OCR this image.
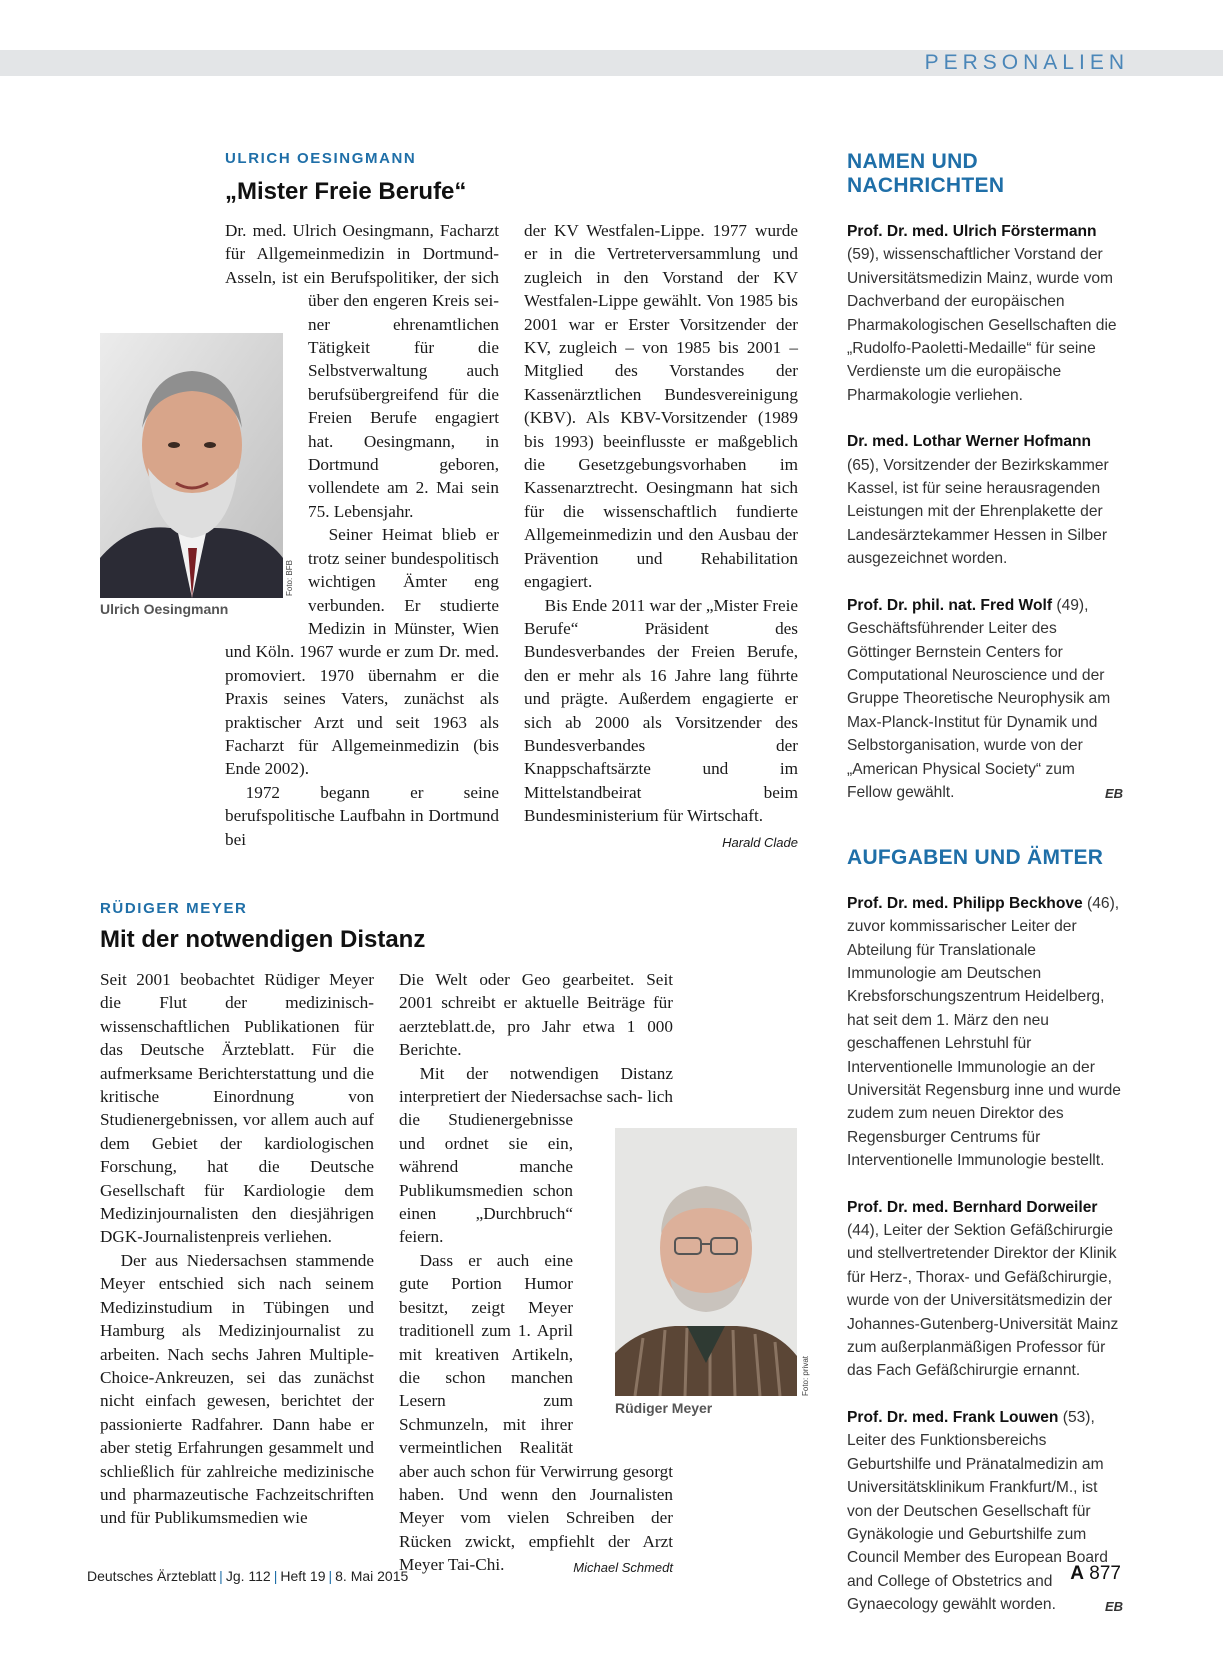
PERSONALIEN
ULRICH OESINGMANN
„Mister Freie Berufe“
Foto: BFB
Ulrich Oesingmann

Dr. med. Ulrich Oesingmann, Facharzt für Allgemeinmedizin in Dortmund-Asseln, ist ein Berufspolitiker, der sich über den engeren Kreis sei-
ner ehrenamtlichen Tätigkeit für die Selbstverwaltung auch berufsübergreifend für die Freien Berufe engagiert hat. Oesingmann, in Dortmund geboren, vollendete am 2. Mai sein 75. Lebensjahr.

Seiner Heimat blieb er trotz seiner bundespolitisch wichtigen Ämter eng verbunden. Er studierte Medizin in Münster, Wien und Köln. 1967 wurde er zum Dr. med. promoviert. 1970 übernahm er die Praxis seines Vaters, zunächst als praktischer Arzt und seit 1963 als Facharzt für Allgemeinmedizin (bis Ende 2002).

1972 begann er seine berufspolitische Laufbahn in Dortmund bei

der KV Westfalen-Lippe. 1977 wurde er in die Vertreterversammlung und zugleich in den Vorstand der KV Westfalen-Lippe gewählt. Von 1985 bis 2001 war er Erster Vorsitzender der KV, zugleich – von 1985 bis 2001 – Mitglied des Vorstandes der Kassenärztlichen Bundesvereinigung (KBV). Als KBV-Vorsitzender (1989 bis 1993) beeinflusste er maßgeblich die Gesetzgebungsvorhaben im Kassenarztrecht. Oesingmann hat sich für die wissenschaftlich fundierte Allgemeinmedizin und den Ausbau der Prävention und Rehabilitation engagiert.

Bis Ende 2011 war der „Mister Freie Berufe“ Präsident des Bundesverbandes der Freien Berufe, den er mehr als 16 Jahre lang führte und prägte. Außerdem engagierte er sich ab 2000 als Vorsitzender des Bundesverbandes der Knappschaftsärzte und im Mittelstandbeirat beim Bundesministerium für Wirtschaft.
Harald Clade

RÜDIGER MEYER
Mit der notwendigen Distanz

Seit 2001 beobachtet Rüdiger Meyer die Flut der medizinisch-wissenschaftlichen Publikationen für das Deutsche Ärzteblatt. Für die aufmerksame Berichterstattung und die kritische Einordnung von Studienergebnissen, vor allem auch auf dem Gebiet der kardiologischen Forschung, hat die Deutsche Gesellschaft für Kardiologie dem Medizinjournalisten den diesjährigen DGK-Journalistenpreis verliehen.

Der aus Niedersachsen stammende Meyer entschied sich nach seinem Medizinstudium in Tübingen und Hamburg als Medizinjournalist zu arbeiten. Nach sechs Jahren Multiple-Choice-Ankreuzen, sei das zunächst nicht einfach gewesen, berichtet der passionierte Radfahrer. Dann habe er aber stetig Erfahrungen gesammelt und schließlich für zahlreiche medizinische und pharmazeutische Fachzeitschriften und für Publikumsmedien wie

Foto: privat

Die Welt oder Geo gearbeitet. Seit 2001 schreibt er aktuelle Beiträge für aerzteblatt.de, pro Jahr etwa 1 000 Berichte.

Mit der notwendigen Distanz interpretiert der Niedersachse sach- lich die Studienergebnisse und ordnet sie ein, während manche Publikumsmedien schon einen „Durchbruch“ feiern.

Dass er auch eine gute Portion Humor besitzt, zeigt Meyer traditionell zum 1. April mit kreativen Artikeln, die schon manchen Lesern zum Schmunzeln, mit ihrer vermeintlichen Realität aber auch schon für Verwirrung gesorgt haben. Und wenn den Journalisten Meyer vom vielen Schreiben der Rücken zwickt, empfiehlt der Arzt Meyer Tai-Chi.	Michael Schmedt

Rüdiger Meyer
NAMEN UND NACHRICHTEN
Prof. Dr. med. Ulrich Förstermann (59), wissenschaftlicher Vorstand der Universitätsmedizin Mainz, wurde vom Dachverband der europäischen Pharmakologischen Gesellschaften die „Rudolfo-Paoletti-Medaille“ für seine Verdienste um die europäische Pharmakologie verliehen.
Dr. med. Lothar Werner Hofmann (65), Vorsitzender der Bezirkskammer Kassel, ist für seine herausragenden Leistungen mit der Ehrenplakette der Landesärztekammer Hessen in Silber ausgezeichnet worden.
Prof. Dr. phil. nat. Fred Wolf (49), Geschäftsführender Leiter des Göttinger Bernstein Centers for Computational Neuroscience und der Gruppe Theoretische Neurophysik am Max-Planck-Institut für Dynamik und Selbstorganisation, wurde von der „American Physical Society“ zum Fellow gewählt.	EB
AUFGABEN UND ÄMTER
Prof. Dr. med. Philipp Beckhove (46), zuvor kommissarischer Leiter der Abteilung für Translationale Immunologie am Deutschen Krebsforschungszentrum Heidelberg, hat seit dem 1. März den neu geschaffenen Lehrstuhl für Interventionelle Immunologie an der Universität Regensburg inne und wurde zudem zum neuen Direktor des Regensburger Centrums für Interventionelle Immunologie bestellt.
Prof. Dr. med. Bernhard Dorweiler (44), Leiter der Sektion Gefäßchirurgie und stellvertretender Direktor der Klinik für Herz-, Thorax- und Gefäßchirurgie, wurde von der Universitätsmedizin der Johannes-Gutenberg-Universität Mainz zum außerplanmäßigen Professor für das Fach Gefäßchirurgie ernannt.
Prof. Dr. med. Frank Louwen (53), Leiter des Funktionsbereichs Geburtshilfe und Pränatalmedizin am Universitätsklinikum Frankfurt/M., ist von der Deutschen Gesellschaft für Gynäkologie und Geburtshilfe zum Council Member des European Board and College of Obstetrics and Gynaecology gewählt worden.	EB
Deutsches Ärzteblatt | Jg. 112 | Heft 19 | 8. Mai 2015	A 877
